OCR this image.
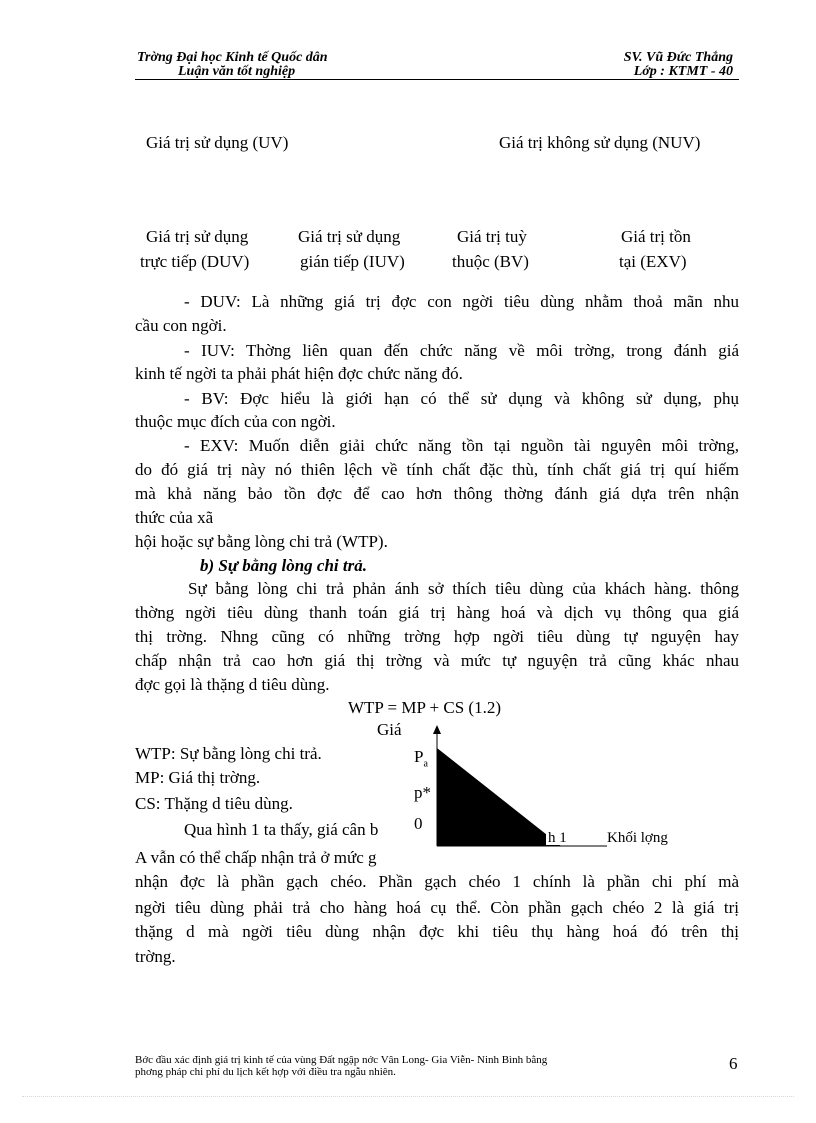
Trờng Đại học Kinh tế Quốc dân
Luận văn tốt nghiệp
SV. Vũ Đức Thắng
Lớp : KTMT - 40
Giá trị sử dụng (UV)	Giá trị không sử dụng (NUV)
Giá trị sử dụng
trực tiếp (DUV)
Giá trị sử dụng
gián tiếp (IUV)
Giá trị tuỳ
thuộc (BV)
Giá trị tồn
tại (EXV)
- DUV: Là những giá trị đợc con ngời tiêu dùng nhằm thoả mãn nhu
cầu con ngời.
- IUV: Thờng liên quan đến chức năng về môi trờng, trong đánh giá
kinh tế ngời ta phải phát hiện đợc chức năng đó.
- BV: Đợc hiểu là giới hạn có thể sử dụng và không sử dụng, phụ
thuộc mục đích của con ngời.
- EXV: Muốn diễn giải chức năng tồn tại nguồn tài nguyên môi trờng,
do đó giá trị này nó thiên lệch về tính chất đặc thù, tính chất giá trị quí hiếm
mà khả năng bảo tồn đợc để cao hơn thông thờng đánh giá dựa trên nhận
thức của xã
hội hoặc sự bằng lòng chi trả (WTP).
b) Sự bằng lòng chi trả.
Sự bằng lòng chi trả phản ánh sở thích tiêu dùng của khách hàng. thông
thờng ngời tiêu dùng thanh toán giá trị hàng hoá và dịch vụ thông qua giá
thị trờng. Nhng cũng có những trờng hợp ngời tiêu dùng tự nguyện hay
chấp nhận trả cao hơn giá thị trờng và mức tự nguyện trả cũng khác nhau
đợc gọi là thặng d tiêu dùng.
WTP = MP + CS (1.2)
Giá
$P_a$
p*
0
h 1	Khối lợng
WTP: Sự bằng lòng chi trả.
MP: Giá thị trờng.
CS: Thặng d tiêu dùng.
Qua hình 1 ta thấy, giá cân b
A vẫn có thể chấp nhận trả ở mức g
nhận đợc là phần gạch chéo. Phần gạch chéo 1 chính là phần chi phí mà
ngời tiêu dùng phải trả cho hàng hoá cụ thể. Còn phần gạch chéo 2 là giá trị
thặng d mà ngời tiêu dùng nhận đợc khi tiêu thụ hàng hoá đó trên thị
trờng.
Bớc đầu xác định giá trị kinh tế của vùng Đất ngập nớc Vân Long- Gia Viễn- Ninh Bình bằng
phơng pháp chi phí du lịch kết hợp với điều tra ngẫu nhiên.	6
